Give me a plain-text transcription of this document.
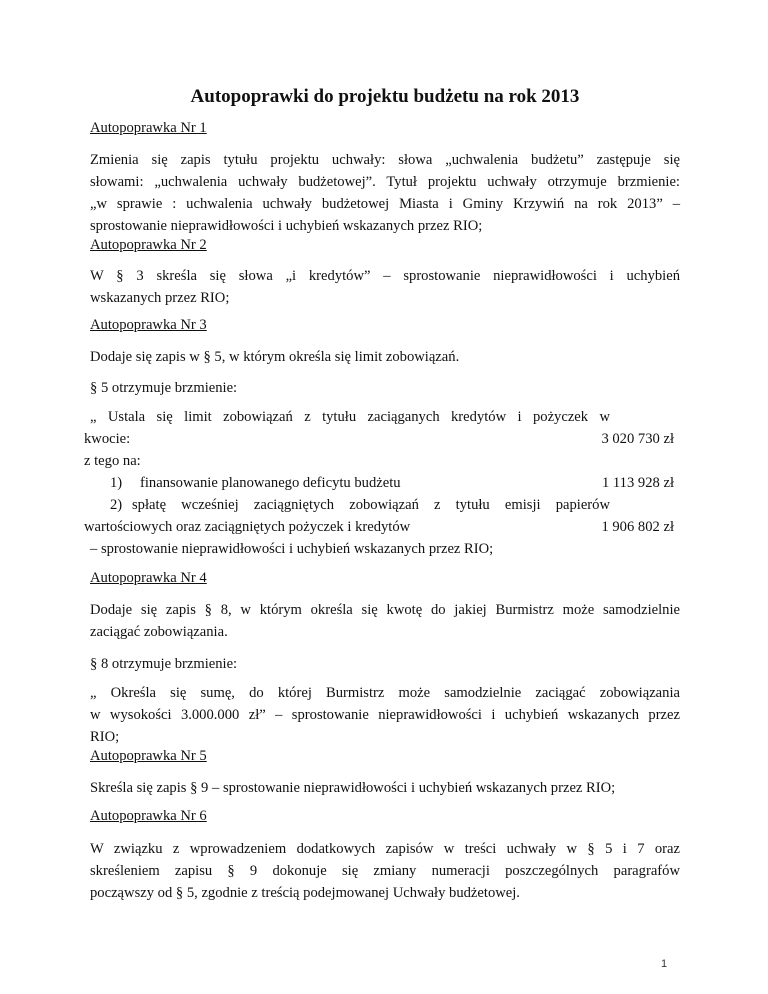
Autopoprawki do projektu budżetu na rok 2013
Autopoprawka Nr 1
Zmienia się zapis tytułu projektu uchwały: słowa „uchwalenia budżetu” zastępuje się
słowami: „uchwalenia uchwały budżetowej”. Tytuł projektu uchwały otrzymuje brzmienie:
„w sprawie : uchwalenia uchwały budżetowej Miasta i Gminy Krzywiń na rok 2013” –
sprostowanie nieprawidłowości i uchybień wskazanych przez RIO;
Autopoprawka Nr 2
W § 3 skreśla się słowa „i kredytów” – sprostowanie nieprawidłowości i uchybień
wskazanych przez RIO;
Autopoprawka Nr 3
Dodaje się zapis w § 5, w którym określa się limit zobowiązań.
§ 5 otrzymuje brzmienie:
„ Ustala się limit zobowiązań z tytułu zaciąganych kredytów i pożyczek w
kwocie:	3 020 730 zł
z tego na:
1) finansowanie planowanego deficytu budżetu	1 113 928 zł
2) spłatę wcześniej zaciągniętych zobowiązań z tytułu emisji papierów
wartościowych oraz zaciągniętych pożyczek i kredytów	1 906 802 zł
– sprostowanie nieprawidłowości i uchybień wskazanych przez RIO;
Autopoprawka Nr 4
Dodaje się zapis § 8, w którym określa się kwotę do jakiej Burmistrz może samodzielnie
zaciągać zobowiązania.
§ 8 otrzymuje brzmienie:
„ Określa się sumę, do której Burmistrz może samodzielnie zaciągać zobowiązania
w wysokości 3.000.000 zł” – sprostowanie nieprawidłowości i uchybień wskazanych przez
RIO;
Autopoprawka Nr 5
Skreśla się zapis § 9 – sprostowanie nieprawidłowości i uchybień wskazanych przez RIO;
Autopoprawka Nr 6
W związku z wprowadzeniem dodatkowych zapisów w treści uchwały w § 5 i 7 oraz
skreśleniem zapisu § 9 dokonuje się zmiany numeracji poszczególnych paragrafów
począwszy od § 5, zgodnie z treścią podejmowanej Uchwały budżetowej.
1
